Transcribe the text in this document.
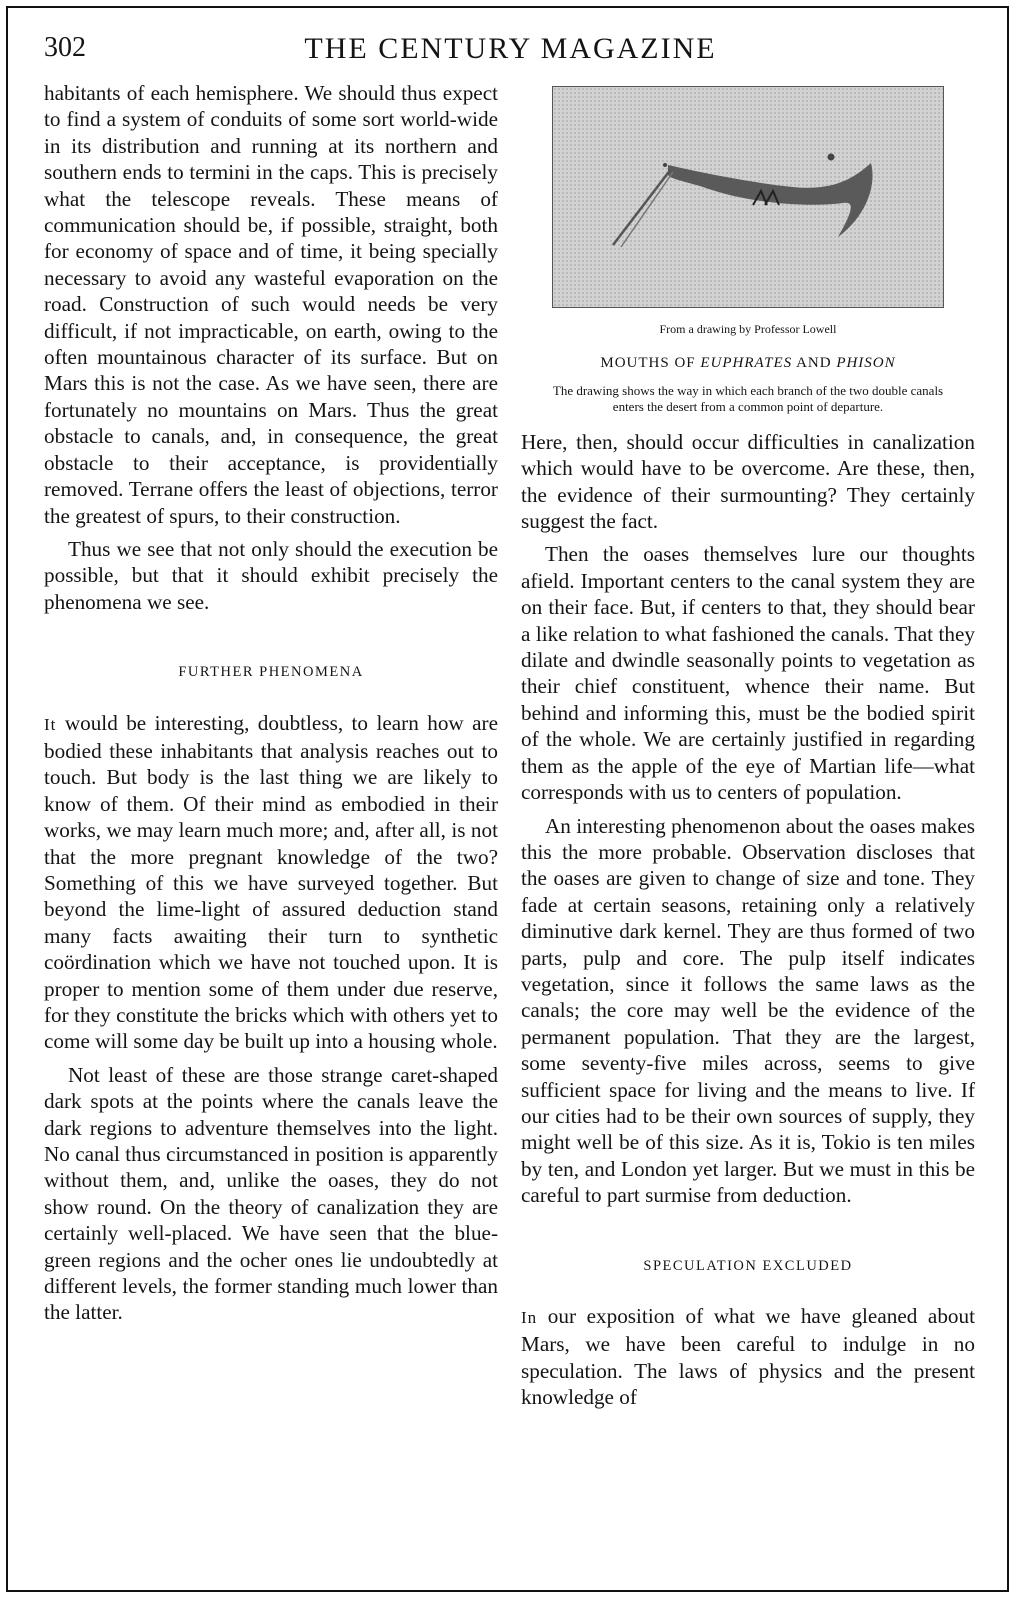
302	THE CENTURY MAGAZINE

habitants of each hemisphere. We should thus expect to find a system of conduits of some sort world-wide in its distribution and running at its northern and southern ends to termini in the caps. This is precisely what the telescope reveals. These means of communication should be, if possible, straight, both for economy of space and of time, it being specially necessary to avoid any wasteful evaporation on the road. Construction of such would needs be very difficult, if not impracticable, on earth, owing to the often mountainous character of its surface. But on Mars this is not the case. As we have seen, there are fortunately no mountains on Mars. Thus the great obstacle to canals, and, in consequence, the great obstacle to their acceptance, is providentially removed. Terrane offers the least of objections, terror the greatest of spurs, to their construction.

Thus we see that not only should the execution be possible, but that it should exhibit precisely the phenomena we see.

FURTHER PHENOMENA

It would be interesting, doubtless, to learn how are bodied these inhabitants that analysis reaches out to touch. But body is the last thing we are likely to know of them. Of their mind as embodied in their works, we may learn much more; and, after all, is not that the more pregnant knowledge of the two? Something of this we have surveyed together. But beyond the lime-light of assured deduction stand many facts awaiting their turn to synthetic coördination which we have not touched upon. It is proper to mention some of them under due reserve, for they constitute the bricks which with others yet to come will some day be built up into a housing whole.

Not least of these are those strange caret-shaped dark spots at the points where the canals leave the dark regions to adventure themselves into the light. No canal thus circumstanced in position is apparently without them, and, unlike the oases, they do not show round. On the theory of canalization they are certainly well-placed. We have seen that the blue-green regions and the ocher ones lie undoubtedly at different levels, the former standing much lower than the latter.

From a drawing by Professor Lowell
MOUTHS OF EUPHRATES AND PHISON
The drawing shows the way in which each branch of the two double canals enters the desert from a common point of departure.

Here, then, should occur difficulties in canalization which would have to be overcome. Are these, then, the evidence of their surmounting? They certainly suggest the fact.

Then the oases themselves lure our thoughts afield. Important centers to the canal system they are on their face. But, if centers to that, they should bear a like relation to what fashioned the canals. That they dilate and dwindle seasonally points to vegetation as their chief constituent, whence their name. But behind and informing this, must be the bodied spirit of the whole. We are certainly justified in regarding them as the apple of the eye of Martian life—what corresponds with us to centers of population.

An interesting phenomenon about the oases makes this the more probable. Observation discloses that the oases are given to change of size and tone. They fade at certain seasons, retaining only a relatively diminutive dark kernel. They are thus formed of two parts, pulp and core. The pulp itself indicates vegetation, since it follows the same laws as the canals; the core may well be the evidence of the permanent population. That they are the largest, some seventy-five miles across, seems to give sufficient space for living and the means to live. If our cities had to be their own sources of supply, they might well be of this size. As it is, Tokio is ten miles by ten, and London yet larger. But we must in this be careful to part surmise from deduction.

SPECULATION EXCLUDED

In our exposition of what we have gleaned about Mars, we have been careful to indulge in no speculation. The laws of physics and the present knowledge of
